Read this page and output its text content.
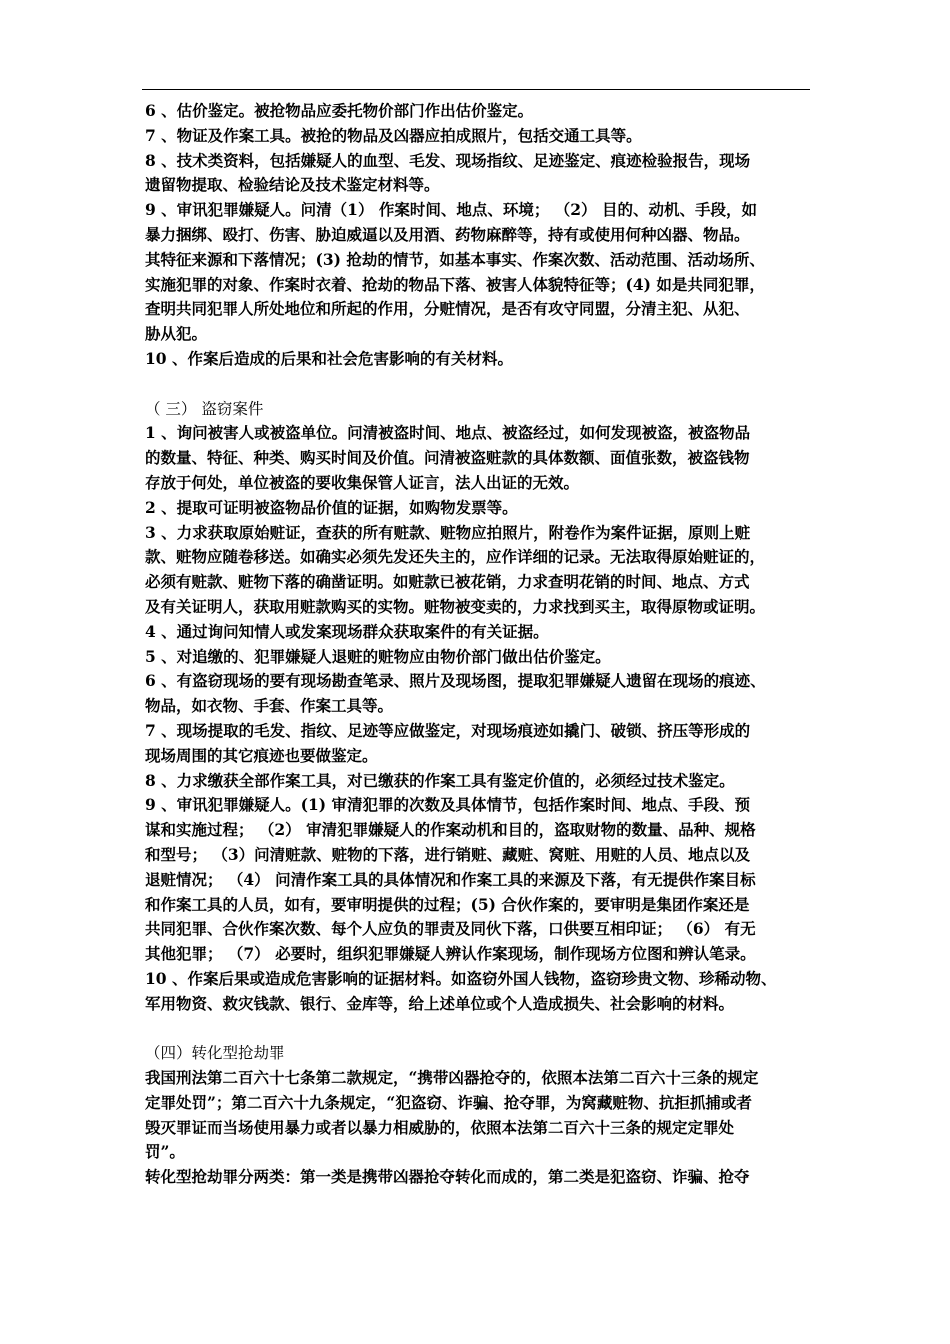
6 、估价鉴定。被抢物品应委托物价部门作出估价鉴定。
7 、物证及作案工具。被抢的物品及凶器应拍成照片，包括交通工具等。
8 、技术类资料，包括嫌疑人的血型、毛发、现场指纹、足迹鉴定、痕迹检验报告，现场
遗留物提取、检验结论及技术鉴定材料等。
9 、审讯犯罪嫌疑人。问清（1） 作案时间、地点、环境； （2） 目的、动机、手段，如
暴力捆绑、殴打、伤害、胁迫威逼以及用酒、药物麻醉等，持有或使用何种凶器、物品。
其特征来源和下落情况；(3) 抢劫的情节，如基本事实、作案次数、活动范围、活动场所、
实施犯罪的对象、作案时衣着、抢劫的物品下落、被害人体貌特征等；(4) 如是共同犯罪，
查明共同犯罪人所处地位和所起的作用，分赃情况，是否有攻守同盟，分清主犯、从犯、
胁从犯。
10 、作案后造成的后果和社会危害影响的有关材料。
（ 三） 盗窃案件
1 、询问被害人或被盗单位。问清被盗时间、地点、被盗经过，如何发现被盗，被盗物品
的数量、特征、种类、购买时间及价值。问清被盗赃款的具体数额、面值张数，被盗钱物
存放于何处，单位被盗的要收集保管人证言，法人出证的无效。
2 、提取可证明被盗物品价值的证据，如购物发票等。
3 、力求获取原始赃证，查获的所有赃款、赃物应拍照片，附卷作为案件证据，原则上赃
款、赃物应随卷移送。如确实必须先发还失主的，应作详细的记录。无法取得原始赃证的，
必须有赃款、赃物下落的确凿证明。如赃款已被花销，力求查明花销的时间、地点、方式
及有关证明人，获取用赃款购买的实物。赃物被变卖的，力求找到买主，取得原物或证明。
4 、通过询问知情人或发案现场群众获取案件的有关证据。
5 、对追缴的、犯罪嫌疑人退赃的赃物应由物价部门做出估价鉴定。
6 、有盗窃现场的要有现场勘查笔录、照片及现场图，提取犯罪嫌疑人遗留在现场的痕迹、
物品，如衣物、手套、作案工具等。
7 、现场提取的毛发、指纹、足迹等应做鉴定，对现场痕迹如撬门、破锁、挤压等形成的
现场周围的其它痕迹也要做鉴定。
8 、力求缴获全部作案工具，对已缴获的作案工具有鉴定价值的，必须经过技术鉴定。
9 、审讯犯罪嫌疑人。(1) 审清犯罪的次数及具体情节，包括作案时间、地点、手段、预
谋和实施过程； （2） 审清犯罪嫌疑人的作案动机和目的，盗取财物的数量、品种、规格
和型号； （3）问清赃款、赃物的下落，进行销赃、藏赃、窝赃、用赃的人员、地点以及
退赃情况； （4） 问清作案工具的具体情况和作案工具的来源及下落，有无提供作案目标
和作案工具的人员，如有，要审明提供的过程；(5) 合伙作案的，要审明是集团作案还是
共同犯罪、合伙作案次数、每个人应负的罪责及同伙下落，口供要互相印证； （6） 有无
其他犯罪； （7） 必要时，组织犯罪嫌疑人辨认作案现场，制作现场方位图和辨认笔录。
10 、作案后果或造成危害影响的证据材料。如盗窃外国人钱物，盗窃珍贵文物、珍稀动物、
军用物资、救灾钱款、银行、金库等，给上述单位或个人造成损失、社会影响的材料。
（四）转化型抢劫罪
我国刑法第二百六十七条第二款规定，“携带凶器抢夺的，依照本法第二百六十三条的规定
定罪处罚”；第二百六十九条规定，“犯盗窃、诈骗、抢夺罪，为窝藏赃物、抗拒抓捕或者
毁灭罪证而当场使用暴力或者以暴力相威胁的，依照本法第二百六十三条的规定定罪处
罚”。
转化型抢劫罪分两类：第一类是携带凶器抢夺转化而成的，第二类是犯盗窃、诈骗、抢夺
